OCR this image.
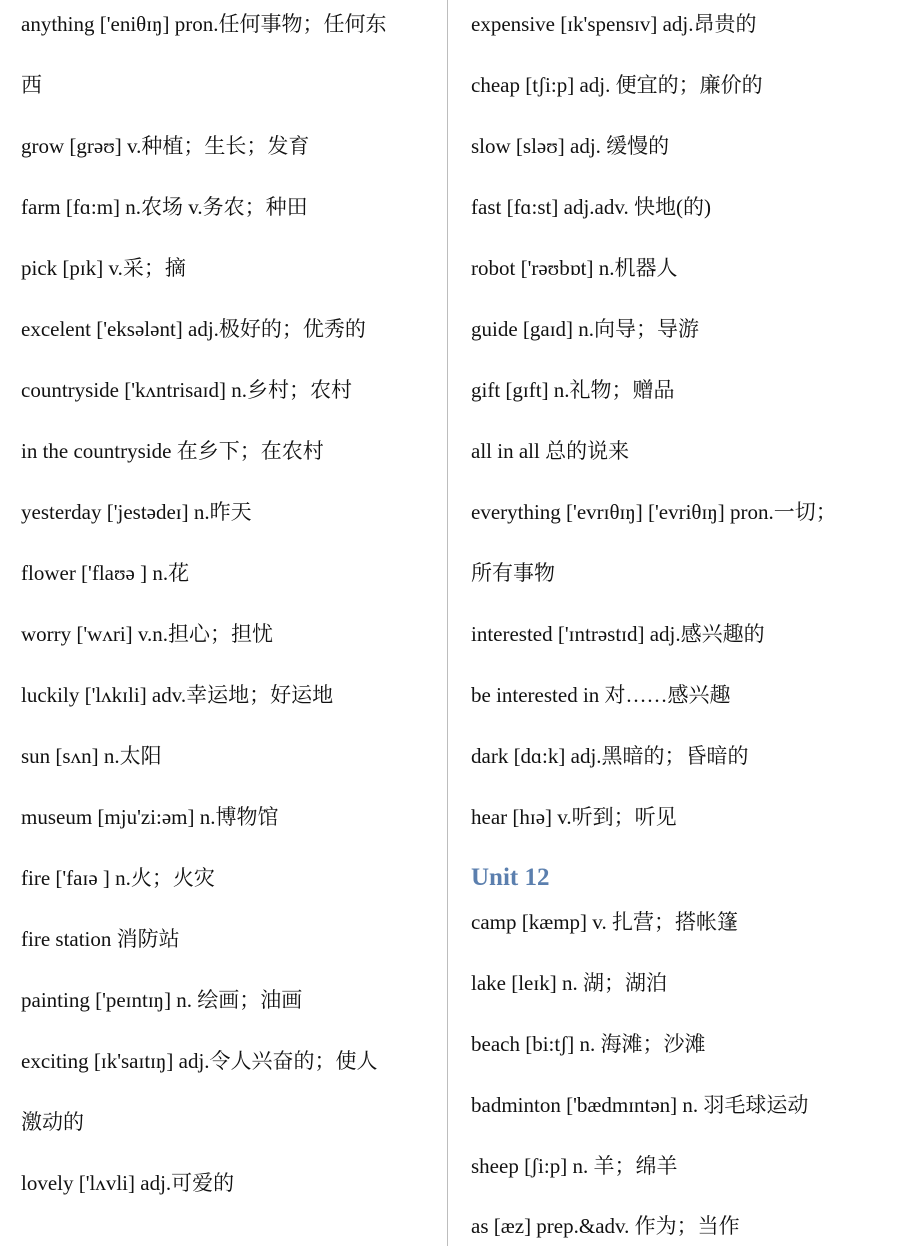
anything ['eniθɪŋ] pron.任何事物；任何东
西
grow [grəʊ] v.种植；生长；发育
farm [fɑ:m] n.农场 v.务农；种田
pick [pɪk] v.采；摘
excelent ['eksələnt] adj.极好的；优秀的
countryside ['kʌntrisaɪd] n.乡村；农村
in the countryside 在乡下；在农村
yesterday ['jestədeɪ] n.昨天
flower ['flaʊə ] n.花
worry ['wʌri] v.n.担心；担忧
luckily ['lʌkɪli] adv.幸运地；好运地
sun [sʌn] n.太阳
museum [mju'zi:əm] n.博物馆
fire ['faɪə ] n.火；火灾
fire station 消防站
painting ['peɪntɪŋ] n. 绘画；油画
exciting [ɪk'saɪtɪŋ] adj.令人兴奋的；使人
激动的
lovely ['lʌvli] adj.可爱的
expensive [ɪk'spensɪv] adj.昂贵的
cheap [tʃi:p] adj. 便宜的；廉价的
slow [sləʊ] adj. 缓慢的
fast [fɑ:st] adj.adv. 快地(的)
robot ['rəʊbɒt] n.机器人
guide [gaɪd] n.向导；导游
gift [gɪft] n.礼物；赠品
all in all 总的说来
everything ['evrɪθɪŋ] ['evriθɪŋ] pron.一切；
所有事物
interested ['ɪntrəstɪd] adj.感兴趣的
be interested in 对……感兴趣
dark [dɑ:k] adj.黑暗的；昏暗的
hear [hɪə] v.听到；听见
Unit 12
camp [kæmp] v. 扎营；搭帐篷
lake [leɪk] n. 湖；湖泊
beach [bi:tʃ] n. 海滩；沙滩
badminton ['bædmɪntən] n. 羽毛球运动
sheep [ʃi:p] n. 羊；绵羊
as [æz] prep.&adv. 作为；当作
